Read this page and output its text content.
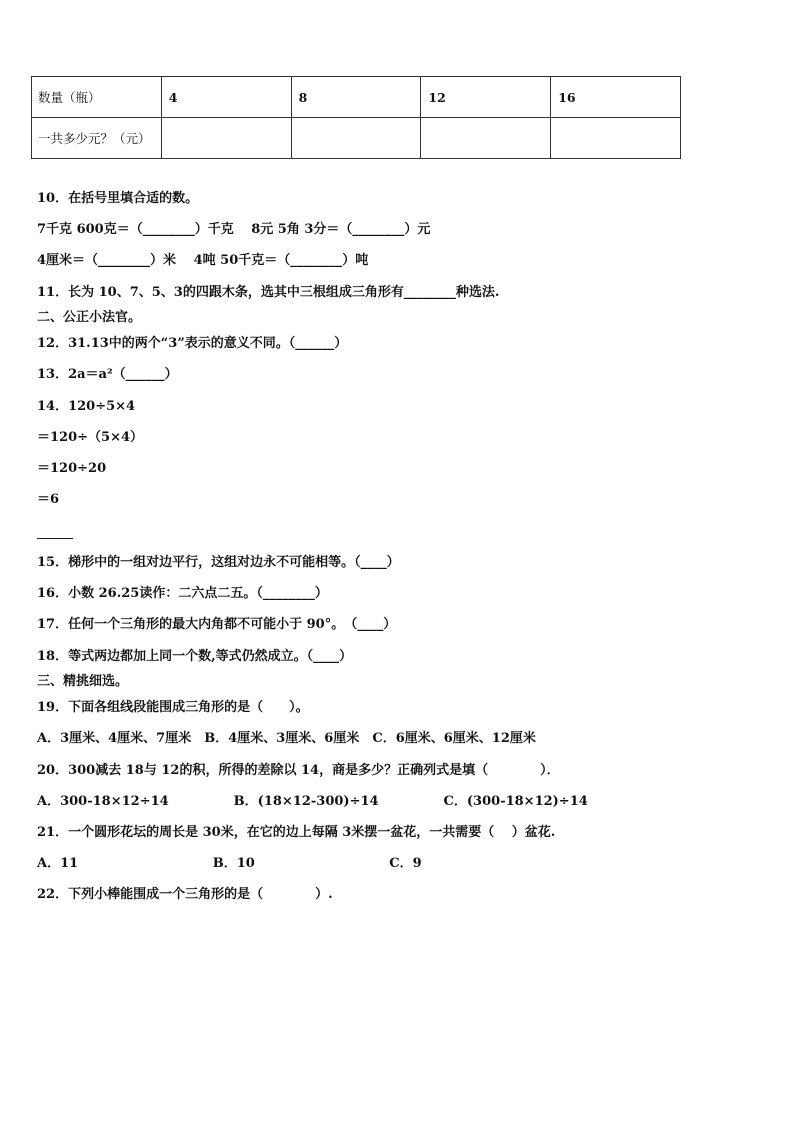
数量（瓶）	4	8	12	16
一共多少元？（元）				
10．在括号里填合适的数。
7千克 600克＝（________）千克　 8元 5角 3分＝（________）元
4厘米＝（________）米　 4吨 50千克＝（________）吨
11．长为 10、7、5、3的四跟木条，选其中三根组成三角形有________种选法.
二、公正小法官。
12．31.13中的两个“3”表示的意义不同。（______）
13．2a＝a²（______）
14．120÷5×4
＝120÷（5×4）
＝120÷20
＝6
15．梯形中的一组对边平行，这组对边永不可能相等。（____）
16．小数 26.25读作：二六点二五。（________）
17．任何一个三角形的最大内角都不可能小于 90°。　（____）
18．等式两边都加上同一个数,等式仍然成立。（____）
三、精挑细选。
19．下面各组线段能围成三角形的是（　　）。
A．3厘米、4厘米、7厘米　B．4厘米、3厘米、6厘米　C．6厘米、6厘米、12厘米
20．300减去 18与 12的积，所得的差除以 14，商是多少？正确列式是填（　　　　）．
A．300-18×12÷14　　　　　B．(18×12-300)÷14　　　　　C．(300-18×12)÷14
21．一个圆形花坛的周长是 30米，在它的边上每隔 3米摆一盆花，一共需要（　 ）盆花.
A．11　　　　　　　　　　 B．10　　　　　　　　　　 C．9
22．下列小棒能围成一个三角形的是（　　　　）.
